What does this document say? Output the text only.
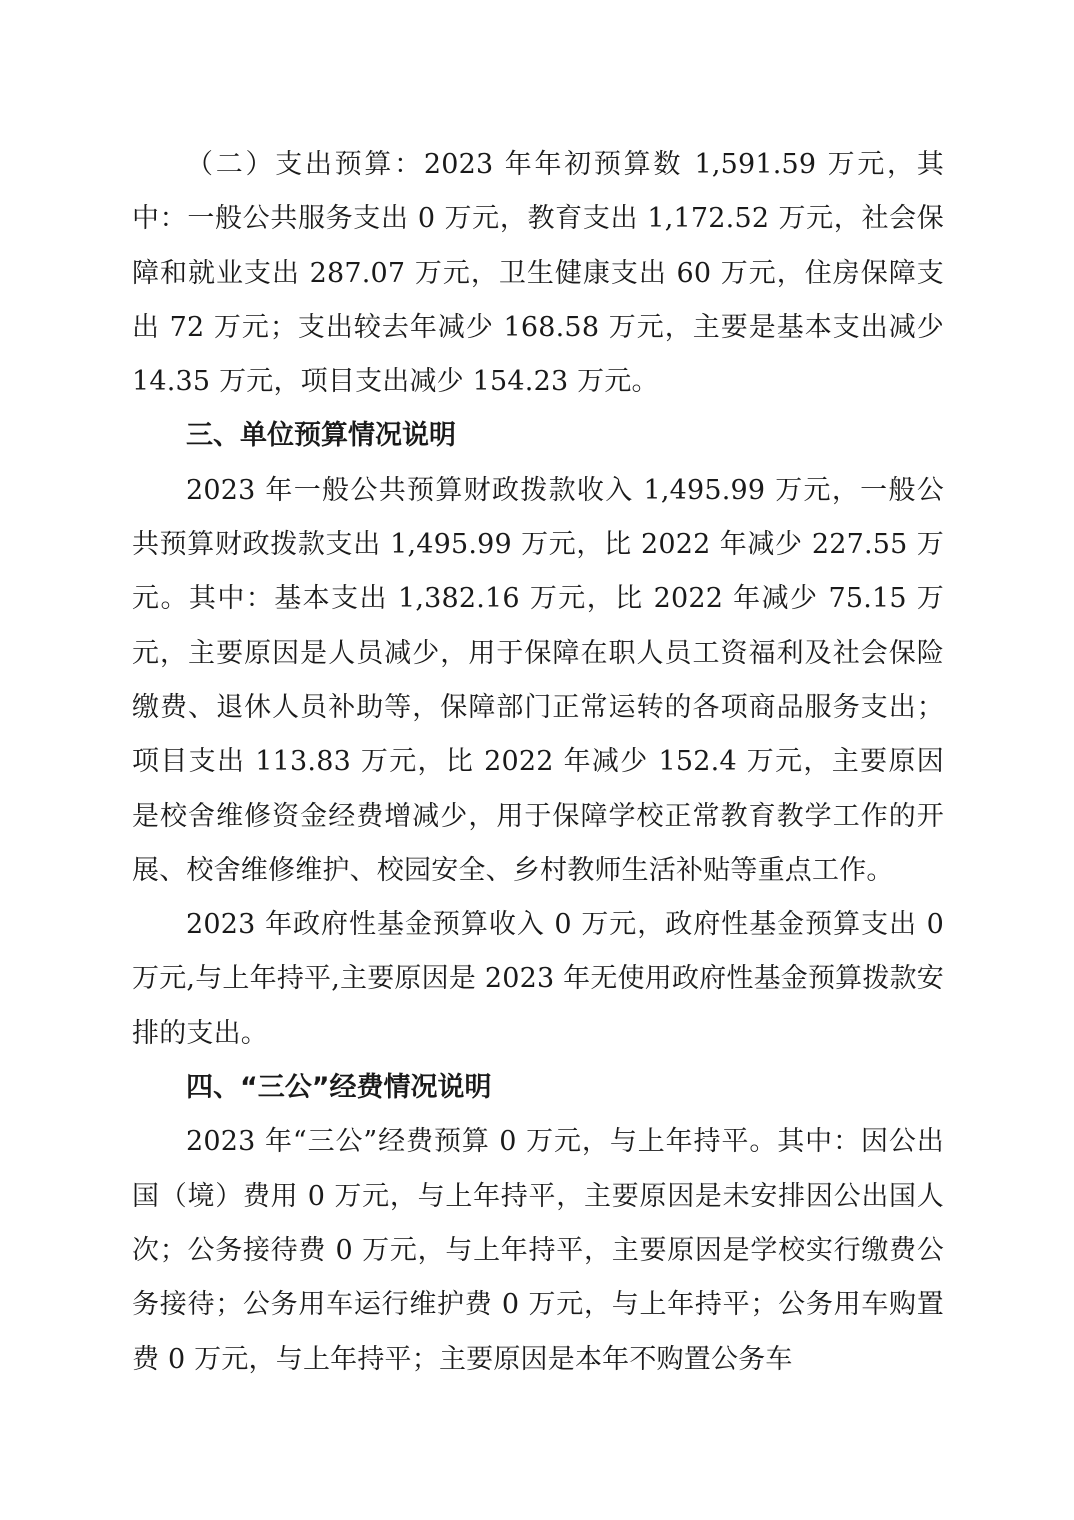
（二）支出预算：2023 年年初预算数 1,591.59 万元，其中：一般公共服务支出 0 万元，教育支出 1,172.52 万元，社会保障和就业支出 287.07 万元，卫生健康支出 60 万元，住房保障支出 72 万元；支出较去年减少 168.58 万元，主要是基本支出减少 14.35 万元，项目支出减少 154.23 万元。

三、单位预算情况说明

2023 年一般公共预算财政拨款收入 1,495.99 万元，一般公共预算财政拨款支出 1,495.99 万元，比 2022 年减少 227.55 万元。其中：基本支出 1,382.16 万元，比 2022 年减少 75.15 万元，主要原因是人员减少，用于保障在职人员工资福利及社会保险缴费、退休人员补助等，保障部门正常运转的各项商品服务支出；项目支出 113.83 万元，比 2022 年减少 152.4 万元，主要原因是校舍维修资金经费增减少，用于保障学校正常教育教学工作的开展、校舍维修维护、校园安全、乡村教师生活补贴等重点工作。

2023 年政府性基金预算收入 0 万元，政府性基金预算支出 0 万元,与上年持平,主要原因是 2023 年无使用政府性基金预算拨款安排的支出。

四、“三公”经费情况说明

2023 年“三公”经费预算 0 万元，与上年持平。其中：因公出国（境）费用 0 万元，与上年持平，主要原因是未安排因公出国人次；公务接待费 0 万元，与上年持平，主要原因是学校实行缴费公务接待；公务用车运行维护费 0 万元，与上年持平；公务用车购置费 0 万元，与上年持平；主要原因是本年不购置公务车
